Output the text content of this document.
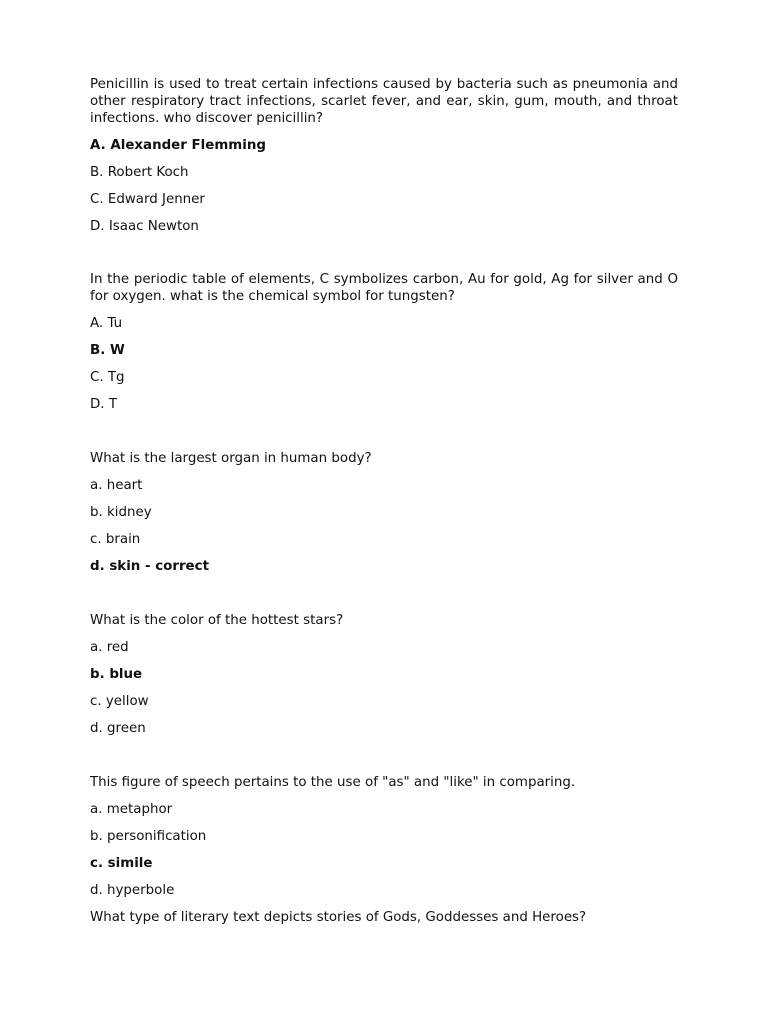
Penicillin is used to treat certain infections caused by bacteria such as pneumonia and other respiratory tract infections, scarlet fever, and ear, skin, gum, mouth, and throat infections. who discover penicillin?

A. Alexander Flemming

B. Robert Koch

C. Edward Jenner

D. Isaac Newton

In the periodic table of elements, C symbolizes carbon, Au for gold, Ag for silver and O for oxygen. what is the chemical symbol for tungsten?

A. Tu

B. W

C. Tg

D. T

What is the largest organ in human body?

a. heart

b. kidney

c. brain

d. skin - correct

What is the color of the hottest stars?

a. red

b. blue

c. yellow

d. green

This figure of speech pertains to the use of "as" and "like" in comparing.

a. metaphor

b. personification

c. simile

d. hyperbole

What type of literary text depicts stories of Gods, Goddesses and Heroes?
